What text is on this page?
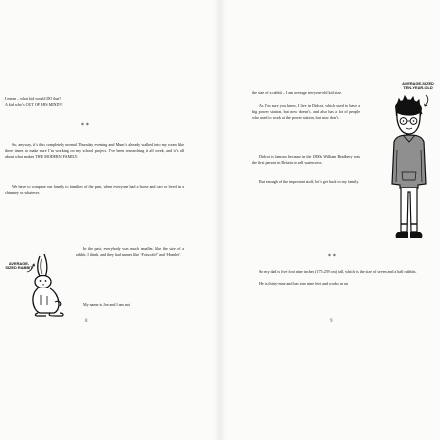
I mean – what kid would DO that?

A kid who’s OUT OF HIS MIND?!

* *

So, anyway, it’s this completely normal Thursday evening and Mum’s already walked into my room like three times to make sure I’m working on my school project. I’ve been researching it all week, and it’s all about what makes THE MODERN FAMILY.

We have to compare our family to families of the past, when everyone had a horse and cart or lived in a chimney or whatever.

In the past, everybody was much smaller, like the size of a rabbit, I think, and they had names like ‘Fotscoth!’ and ‘Hamlet’.

My name is Joe and I am not

AVERAGE-SIZED RABBIT
8

the size of a rabbit – I am average ten-year-old kid size.

As I’m sure you know, I live in Didcot, which used to have a big power station, but now doesn’t, and also has a lot of people who used to work at the power station, but now don’t.

Didcot is famous because in the 1800s William Bradbery was the first person in Britain to sell watercress.

But enough of the important stuff, let’s get back to my family.

* *

So my dad is five foot nine inches (175.259 cm) tall, which is the size of seven and a half rabbits.

He is thirty-nine and has size nine feet and works in an

AVERAGE-SIZED TEN-YEAR-OLD
9
